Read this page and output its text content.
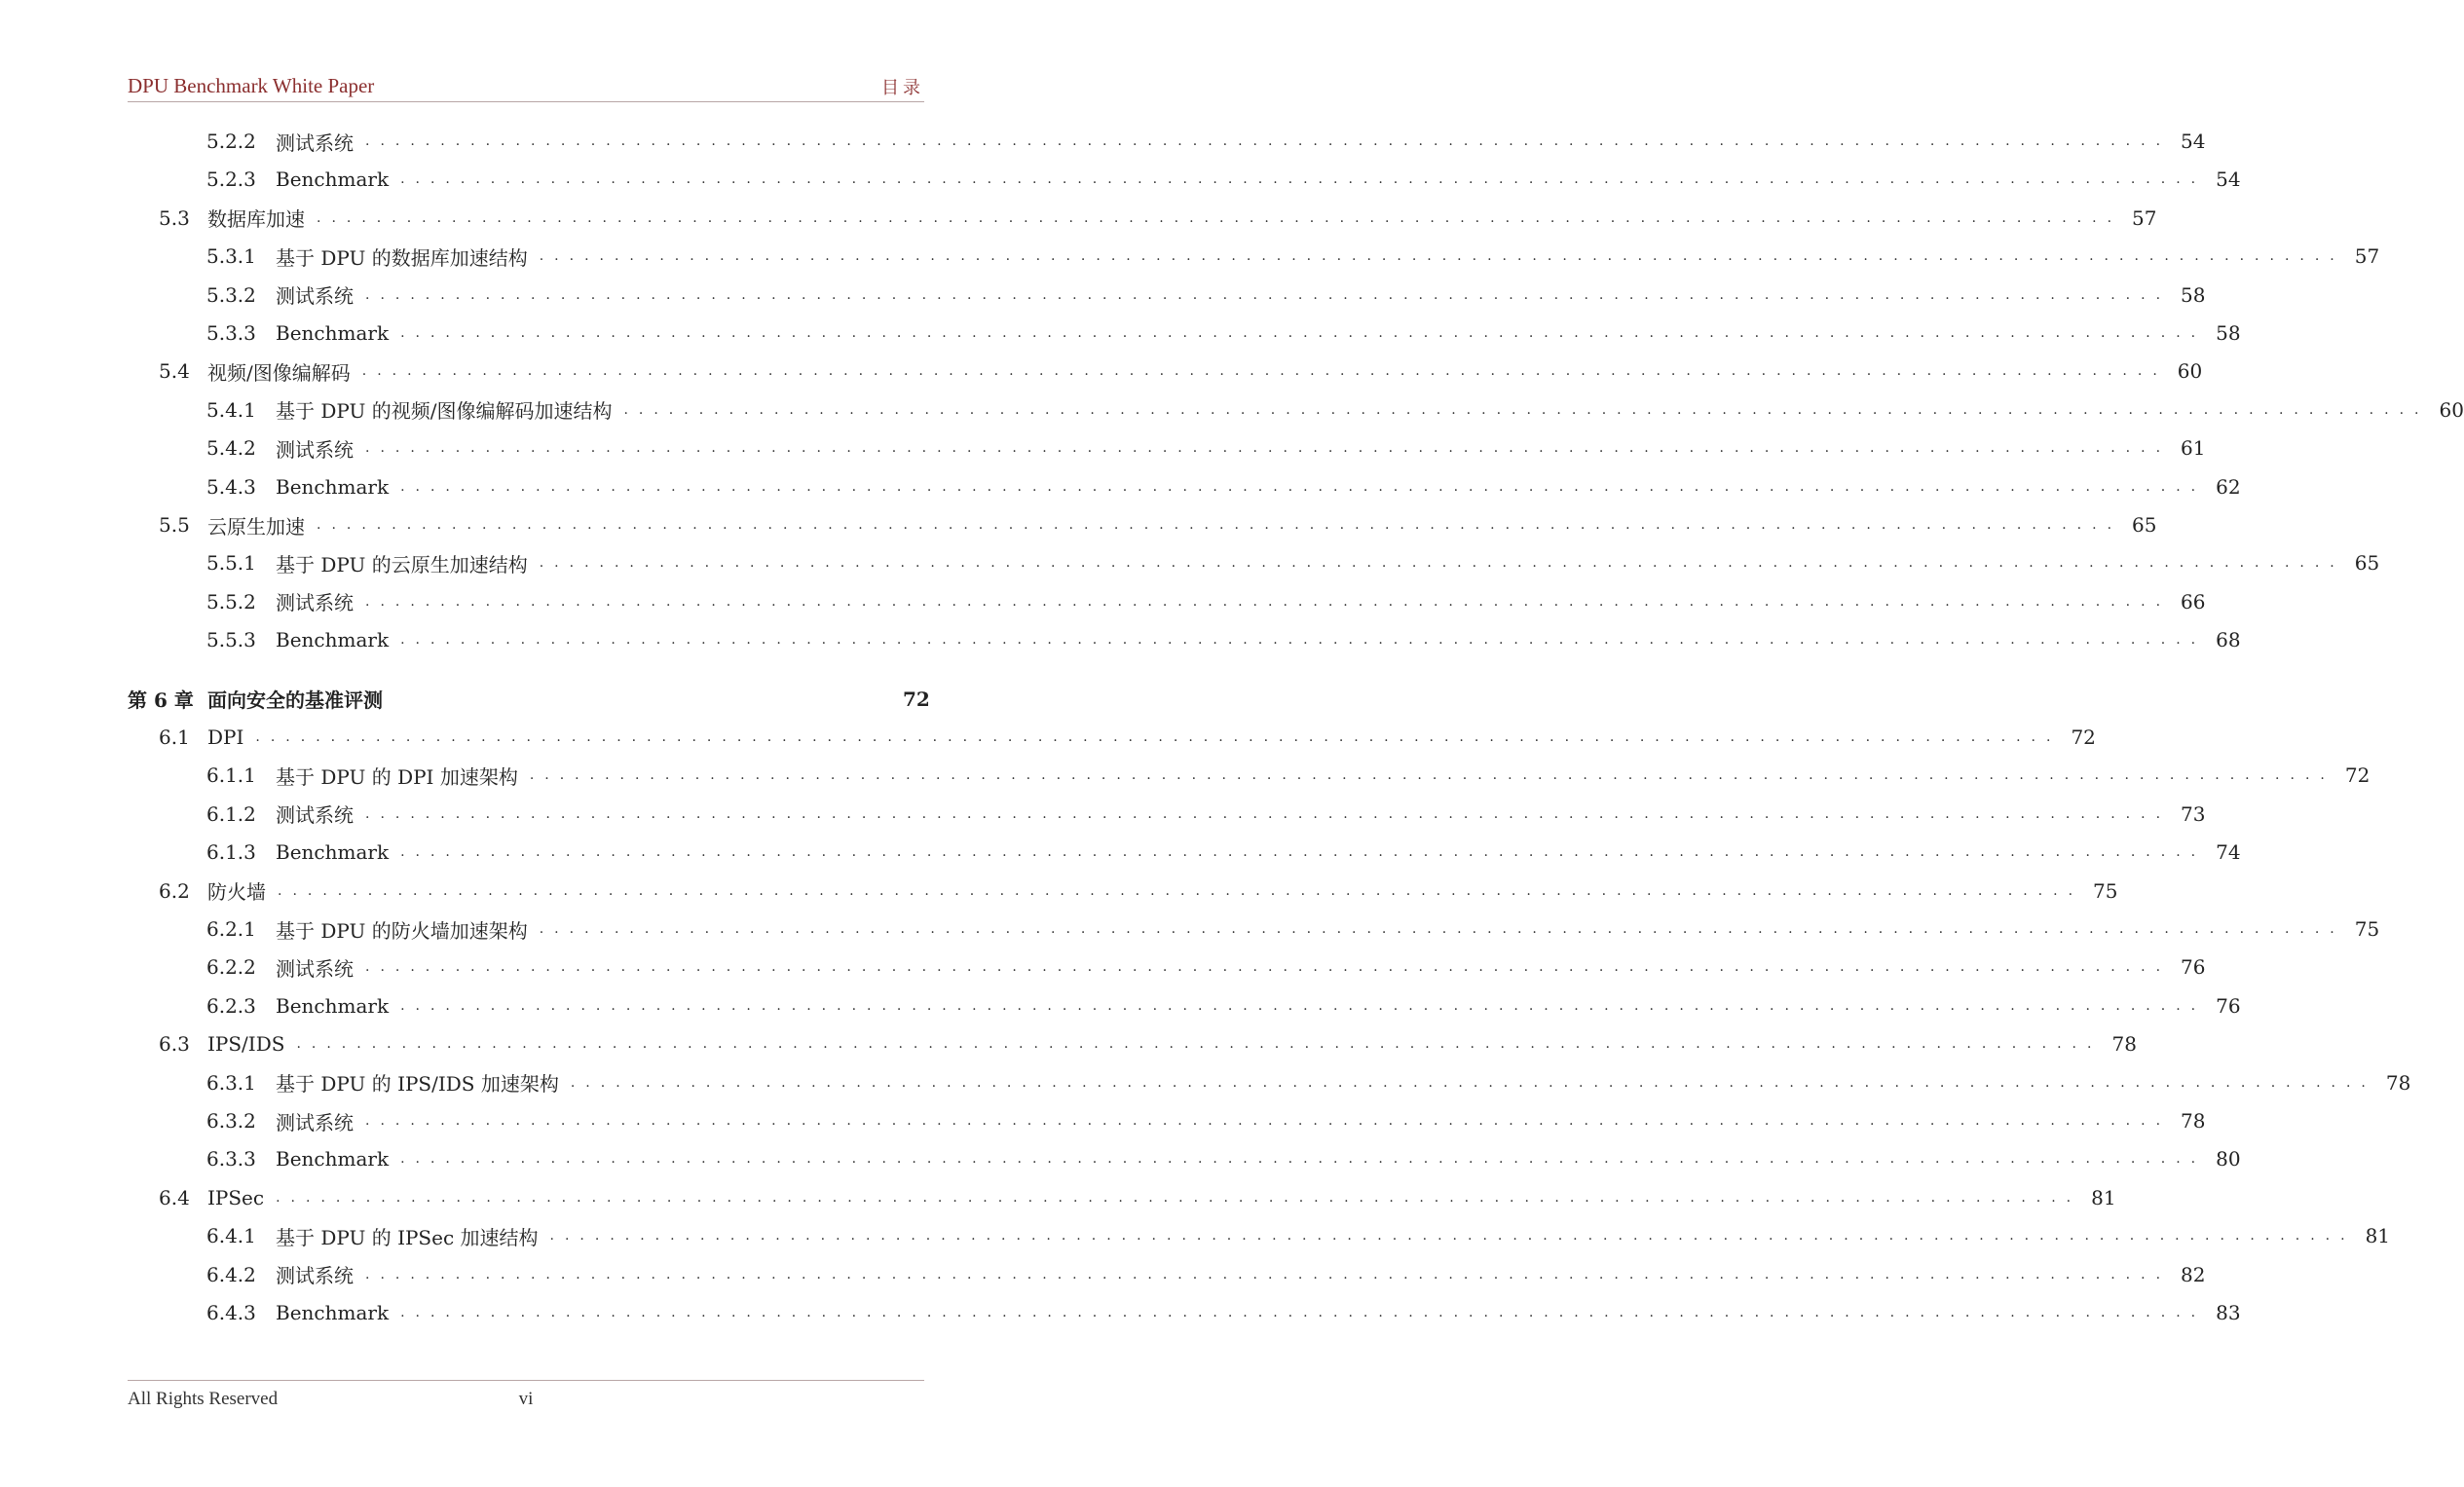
DPU Benchmark White Paper	目录
5.2.2	测试系统 ........................................................................................................................ 54
5.2.3	Benchmark ........................................................................................................................ 54
5.3 数据库加速 ........................................................................................................................ 57
5.3.1	基于 DPU 的数据库加速结构 ........................................................................................................................ 57
5.3.2	测试系统 ........................................................................................................................ 58
5.3.3	Benchmark ........................................................................................................................ 58
5.4 视频/图像编解码 ........................................................................................................................ 60
5.4.1	基于 DPU 的视频/图像编解码加速结构 ........................................................................................................................ 60
5.4.2	测试系统 ........................................................................................................................ 61
5.4.3	Benchmark ........................................................................................................................ 62
5.5 云原生加速 ........................................................................................................................ 65
5.5.1	基于 DPU 的云原生加速结构 ........................................................................................................................ 65
5.5.2	测试系统 ........................................................................................................................ 66
5.5.3	Benchmark ........................................................................................................................ 68
第 6 章 面向安全的基准评测	72
6.1 DPI ........................................................................................................................ 72
6.1.1	基于 DPU 的 DPI 加速架构 ........................................................................................................................ 72
6.1.2	测试系统 ........................................................................................................................ 73
6.1.3	Benchmark ........................................................................................................................ 74
6.2 防火墙 ........................................................................................................................ 75
6.2.1	基于 DPU 的防火墙加速架构 ........................................................................................................................ 75
6.2.2	测试系统 ........................................................................................................................ 76
6.2.3	Benchmark ........................................................................................................................ 76
6.3 IPS/IDS ........................................................................................................................ 78
6.3.1	基于 DPU 的 IPS/IDS 加速架构 ........................................................................................................................ 78
6.3.2	测试系统 ........................................................................................................................ 78
6.3.3	Benchmark ........................................................................................................................ 80
6.4 IPSec ........................................................................................................................ 81
6.4.1	基于 DPU 的 IPSec 加速结构 ........................................................................................................................ 81
6.4.2	测试系统 ........................................................................................................................ 82
6.4.3	Benchmark ........................................................................................................................ 83
All Rights Reserved	vi
